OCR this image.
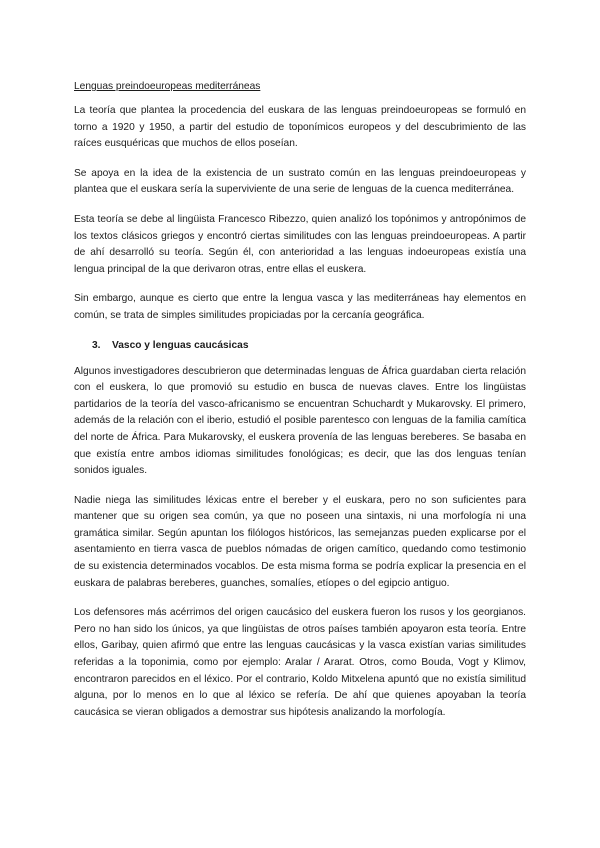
Lenguas preindoeuropeas mediterráneas

La teoría que plantea la procedencia del euskara de las lenguas preindoeuropeas se formuló en torno a 1920 y 1950, a partir del estudio de toponímicos europeos y del descubrimiento de las raíces eusquéricas que muchos de ellos poseían.

Se apoya en la idea de la existencia de un sustrato común en las lenguas preindoeuropeas y plantea que el euskara sería la superviviente de una serie de lenguas de la cuenca mediterránea.

Esta teoría se debe al lingüista Francesco Ribezzo, quien analizó los topónimos y antropónimos de los textos clásicos griegos y encontró ciertas similitudes con las lenguas preindoeuropeas. A partir de ahí desarrolló su teoría. Según él, con anterioridad a las lenguas indoeuropeas existía una lengua principal de la que derivaron otras, entre ellas el euskera.

Sin embargo, aunque es cierto que entre la lengua vasca y las mediterráneas hay elementos en común, se trata de simples similitudes propiciadas por la cercanía geográfica.

3. Vasco y lenguas caucásicas

Algunos investigadores descubrieron que determinadas lenguas de África guardaban cierta relación con el euskera, lo que promovió su estudio en busca de nuevas claves. Entre los lingüistas partidarios de la teoría del vasco-africanismo se encuentran Schuchardt y Mukarovsky. El primero, además de la relación con el iberio, estudió el posible parentesco con lenguas de la familia camítica del norte de África. Para Mukarovsky, el euskera provenía de las lenguas bereberes. Se basaba en que existía entre ambos idiomas similitudes fonológicas; es decir, que las dos lenguas tenían sonidos iguales.

Nadie niega las similitudes léxicas entre el bereber y el euskara, pero no son suficientes para mantener que su origen sea común, ya que no poseen una sintaxis, ni una morfología ni una gramática similar. Según apuntan los filólogos históricos, las semejanzas pueden explicarse por el asentamiento en tierra vasca de pueblos nómadas de origen camítico, quedando como testimonio de su existencia determinados vocablos. De esta misma forma se podría explicar la presencia en el euskara de palabras bereberes, guanches, somalíes, etíopes o del egipcio antiguo.

Los defensores más acérrimos del origen caucásico del euskera fueron los rusos y los georgianos. Pero no han sido los únicos, ya que lingüistas de otros países también apoyaron esta teoría. Entre ellos, Garibay, quien afirmó que entre las lenguas caucásicas y la vasca existían varias similitudes referidas a la toponimia, como por ejemplo: Aralar / Ararat. Otros, como Bouda, Vogt y Klimov, encontraron parecidos en el léxico. Por el contrario, Koldo Mitxelena apuntó que no existía similitud alguna, por lo menos en lo que al léxico se refería. De ahí que quienes apoyaban la teoría caucásica se vieran obligados a demostrar sus hipótesis analizando la morfología.
